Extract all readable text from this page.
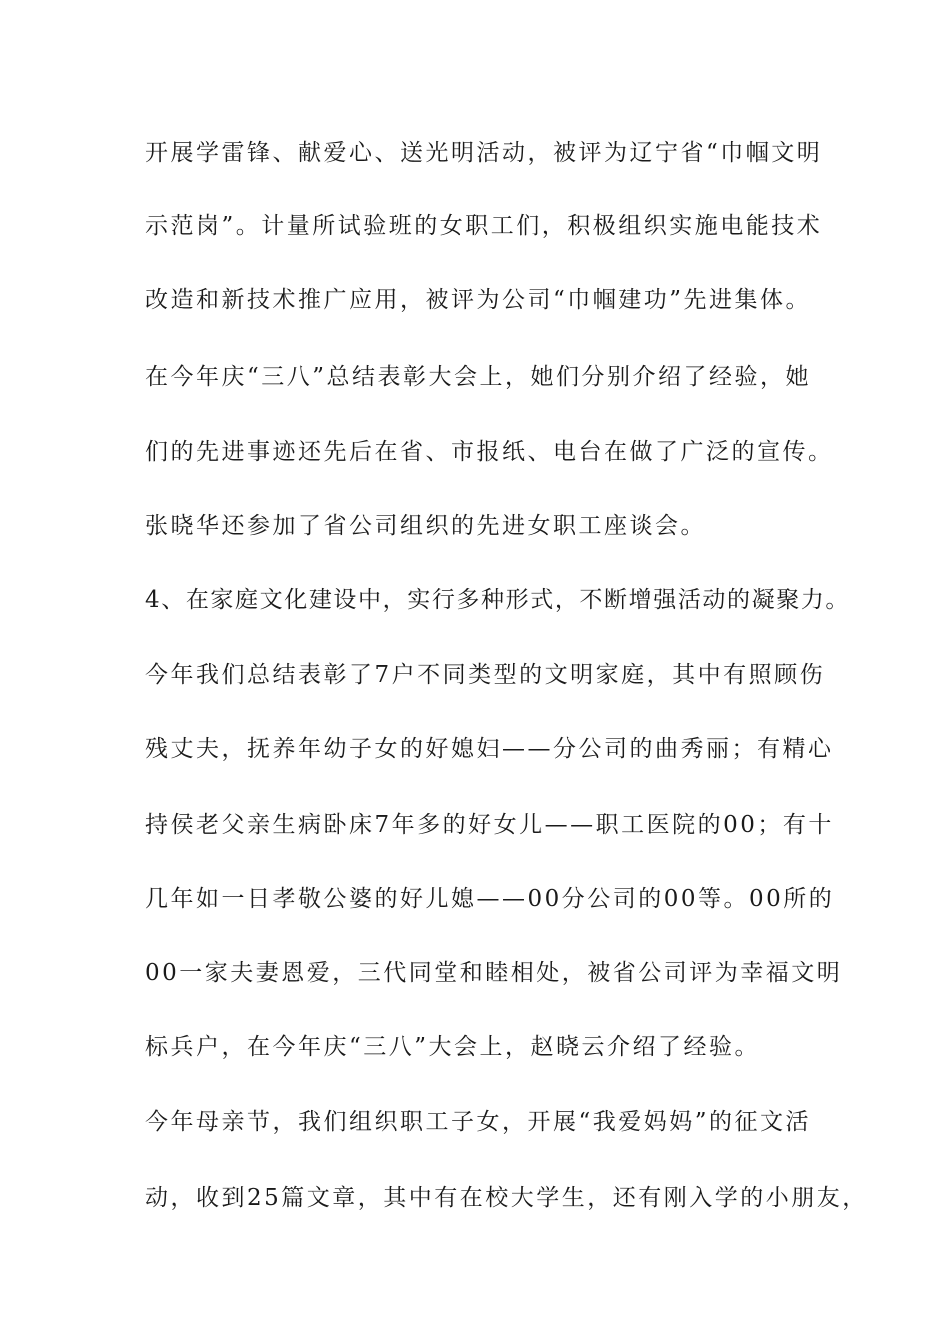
开展学雷锋、献爱心、送光明活动，被评为辽宁省“巾帼文明
示范岗”。计量所试验班的女职工们，积极组织实施电能技术
改造和新技术推广应用，被评为公司“巾帼建功”先进集体。
在今年庆“三八”总结表彰大会上，她们分别介绍了经验，她
们的先进事迹还先后在省、市报纸、电台在做了广泛的宣传。
张晓华还参加了省公司组织的先进女职工座谈会。
4、在家庭文化建设中，实行多种形式，不断增强活动的凝聚力。
今年我们总结表彰了7户不同类型的文明家庭，其中有照顾伤
残丈夫，抚养年幼子女的好媳妇——分公司的曲秀丽；有精心
持侯老父亲生病卧床7年多的好女儿——职工医院的00；有十
几年如一日孝敬公婆的好儿媳——00分公司的00等。00所的
00一家夫妻恩爱，三代同堂和睦相处，被省公司评为幸福文明
标兵户，在今年庆“三八”大会上，赵晓云介绍了经验。
今年母亲节，我们组织职工子女，开展“我爱妈妈”的征文活
动，收到25篇文章，其中有在校大学生，还有刚入学的小朋友，
